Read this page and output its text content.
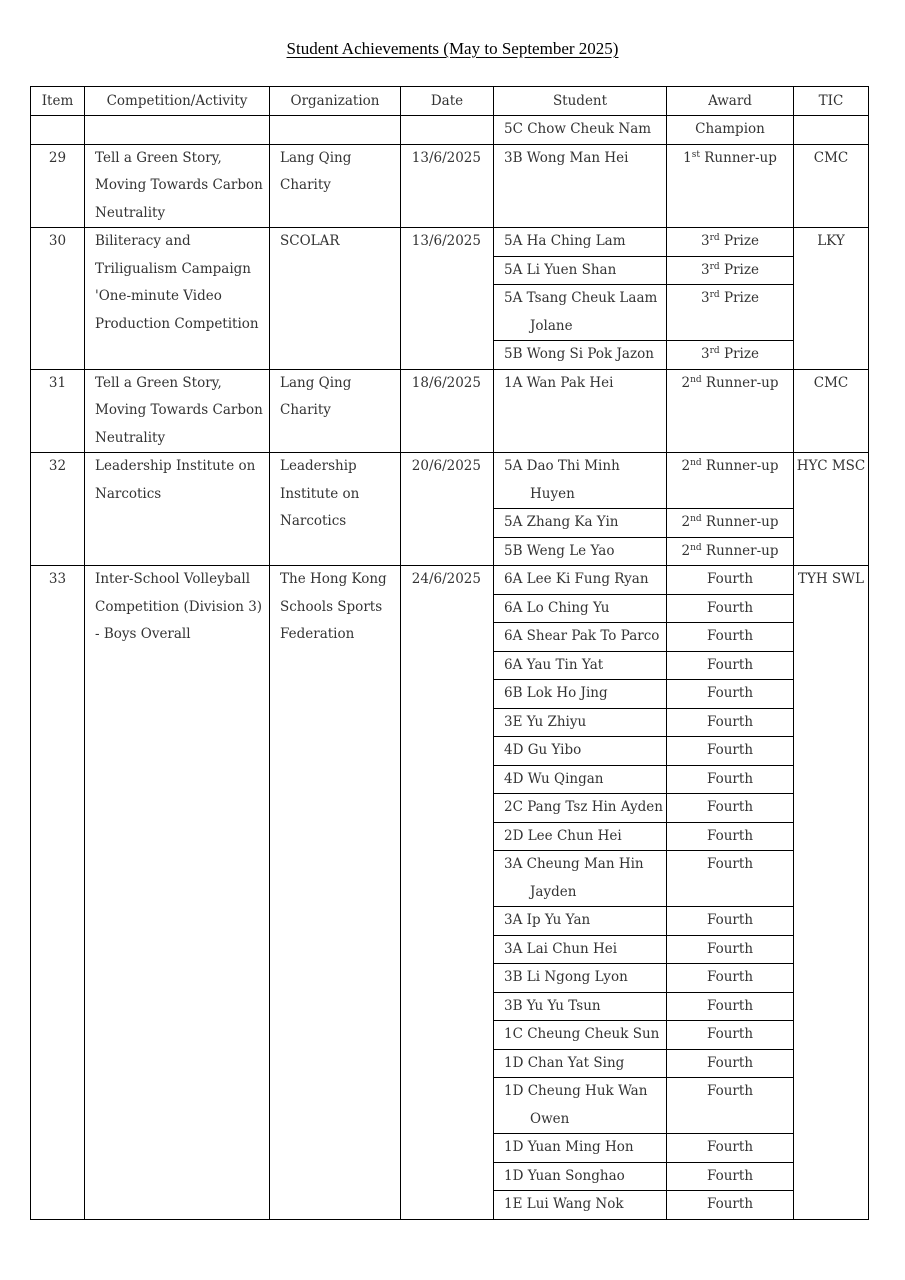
Student Achievements (May to September 2025)
Item	Competition/Activity	Organization	Date	Student	Award	TIC

				5C Chow Cheuk Nam	Champion	
29	Tell a Green Story, Moving Towards Carbon Neutrality	Lang Qing Charity	13/6/2025	3B Wong Man Hei	1st Runner-up	CMC
30	Biliteracy and Triligualism Campaign 'One-minute Video Production Competition	SCOLAR	13/6/2025	5A Ha Ching Lam	3rd Prize	LKY

				5A Li Yuen Shan	3rd Prize	

				5A Tsang Cheuk Laam Jolane	3rd Prize	

				5B Wong Si Pok Jazon	3rd Prize	
31	Tell a Green Story, Moving Towards Carbon Neutrality	Lang Qing Charity	18/6/2025	1A Wan Pak Hei	2nd Runner-up	CMC
32	Leadership Institute on Narcotics	Leadership Institute on Narcotics	20/6/2025	5A Dao Thi Minh Huyen	2nd Runner-up	HYC MSC

				5A Zhang Ka Yin	2nd Runner-up	

				5B Weng Le Yao	2nd Runner-up	
33	Inter-School Volleyball Competition (Division 3) - Boys Overall	The Hong Kong Schools Sports Federation	24/6/2025	6A Lee Ki Fung Ryan	Fourth	TYH SWL

				6A Lo Ching Yu	Fourth	

				6A Shear Pak To Parco	Fourth	

				6A Yau Tin Yat	Fourth	

				6B Lok Ho Jing	Fourth	

				3E Yu Zhiyu	Fourth	

				4D Gu Yibo	Fourth	

				4D Wu Qingan	Fourth	

				2C Pang Tsz Hin Ayden	Fourth	

				2D Lee Chun Hei	Fourth	

				3A Cheung Man Hin Jayden	Fourth	

				3A Ip Yu Yan	Fourth	

				3A Lai Chun Hei	Fourth	

				3B Li Ngong Lyon	Fourth	

				3B Yu Yu Tsun	Fourth	

				1C Cheung Cheuk Sun	Fourth	

				1D Chan Yat Sing	Fourth	

				1D Cheung Huk Wan Owen	Fourth	

				1D Yuan Ming Hon	Fourth	

				1D Yuan Songhao	Fourth	

				1E Lui Wang Nok	Fourth	
